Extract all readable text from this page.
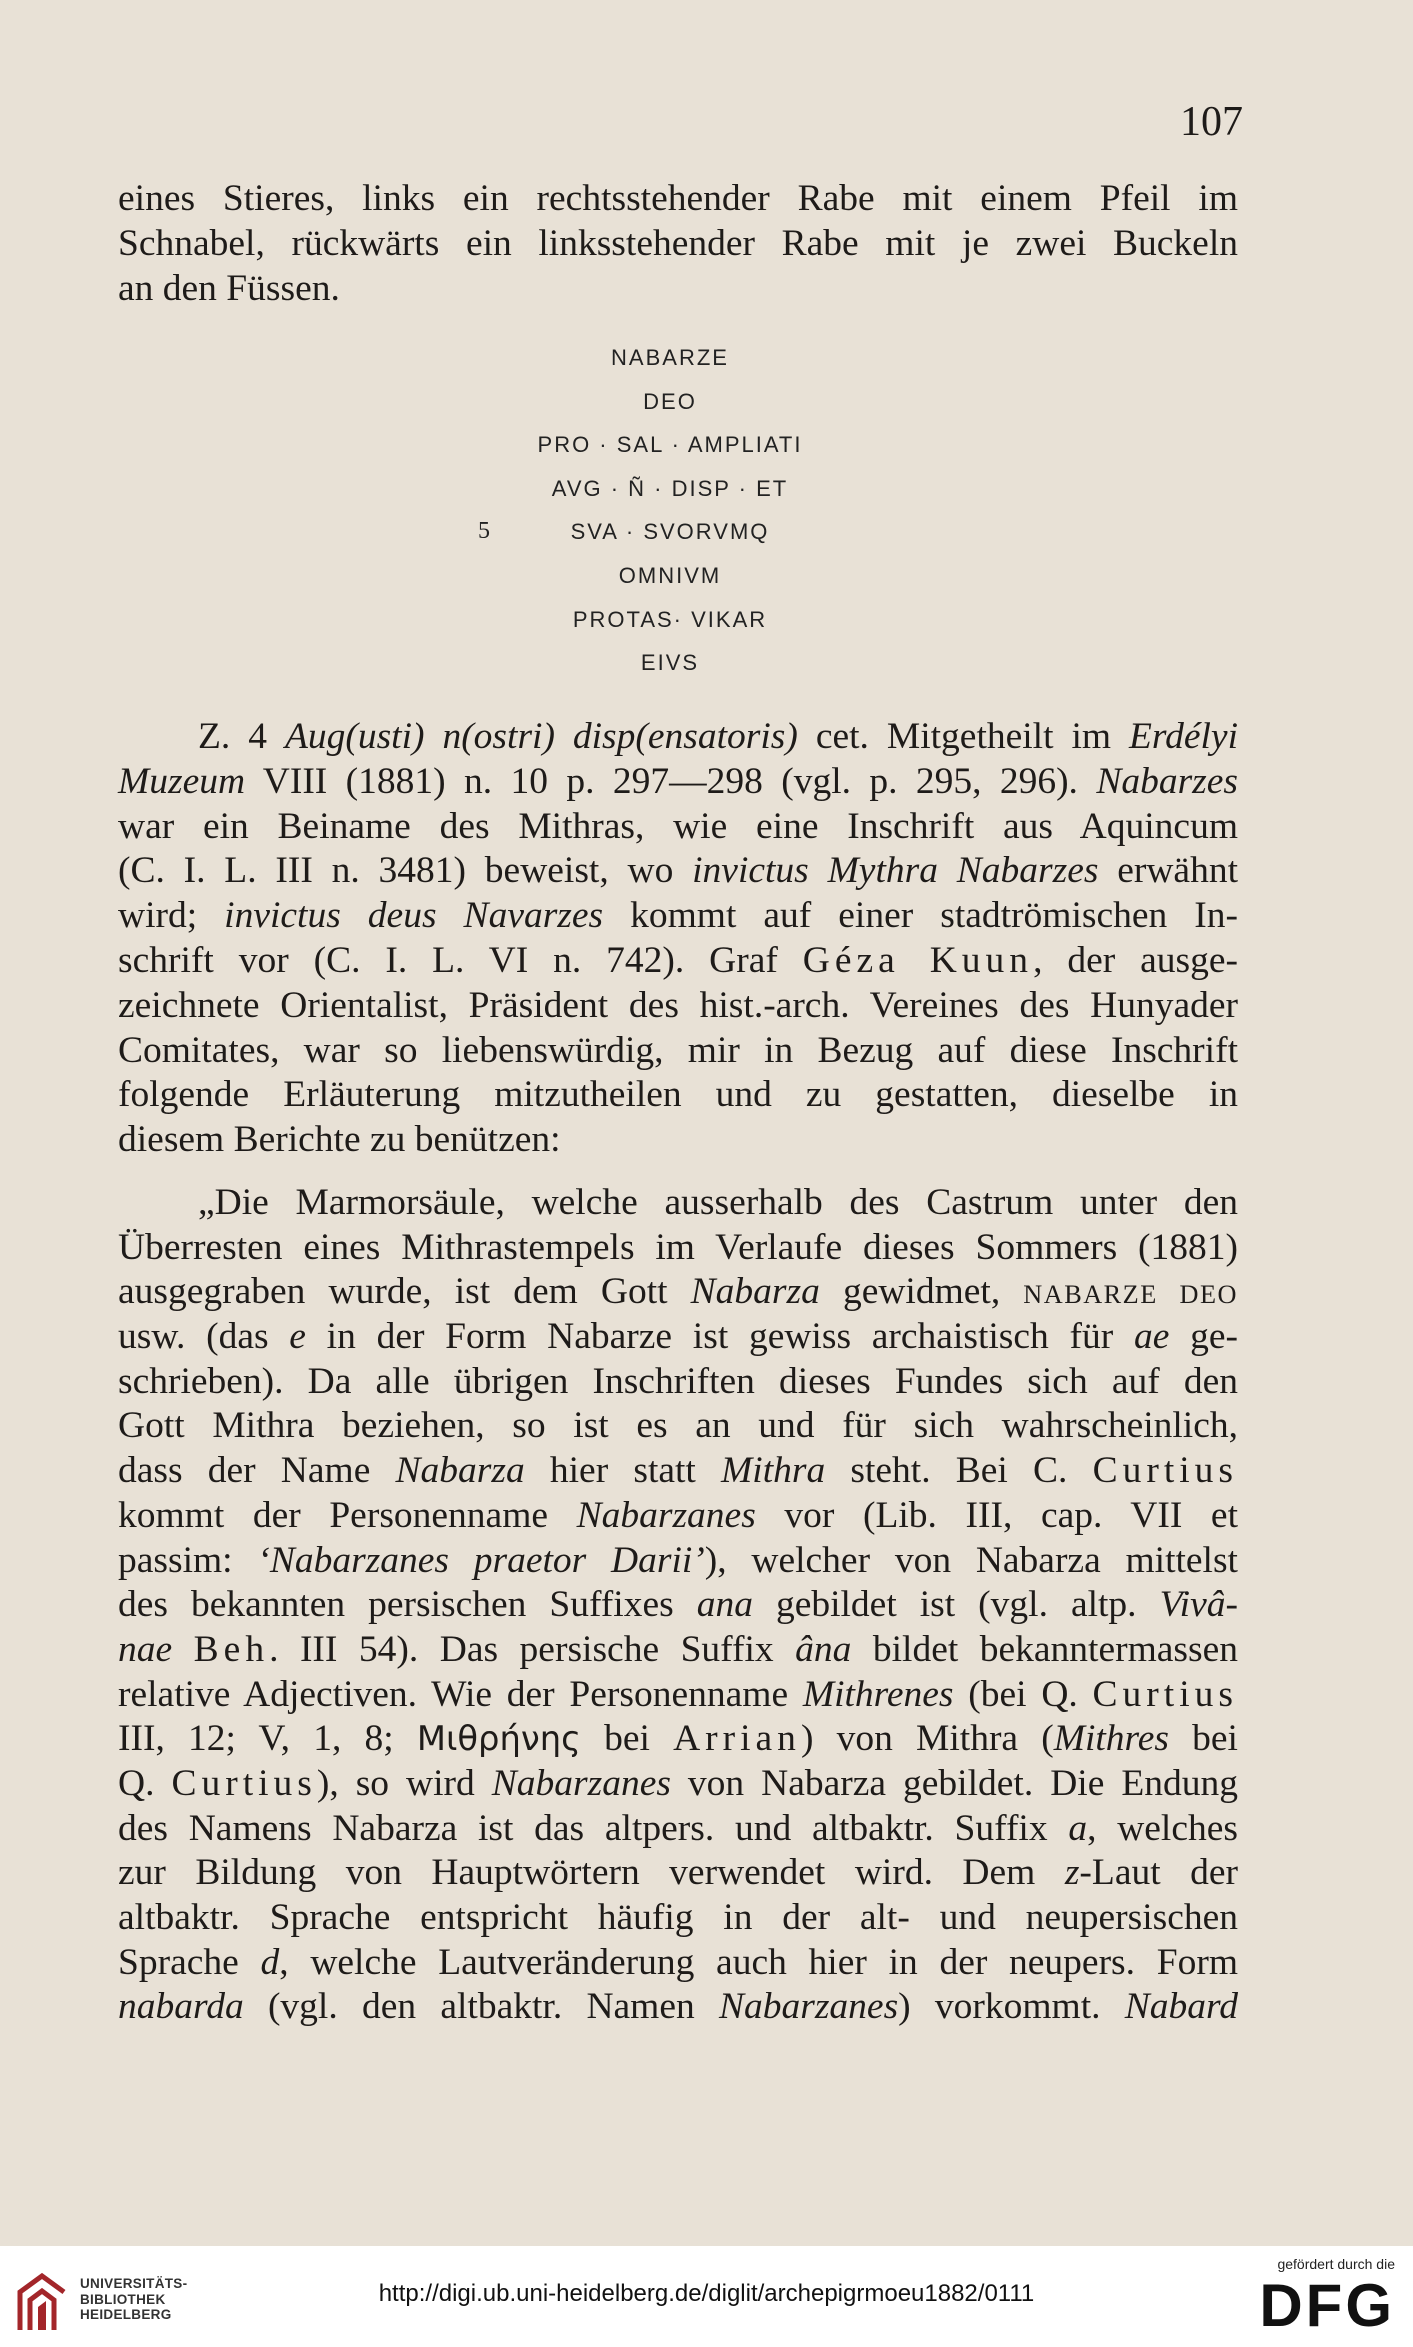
107
eines Stieres, links ein rechtsstehender Rabe mit einem Pfeil im
Schnabel, rückwärts ein linksstehender Rabe mit je zwei Buckeln
an den Füssen.
NABARZE
DEO
PRO · SAL · AMPLIATI
AVG · Ñ · DISP · ET
5	SVA · SVORVMQ
OMNIVM
PROTAS· VIKAR
EIVS
Z. 4 Aug(usti) n(ostri) disp(ensatoris) cet. Mitgetheilt im Erdélyi
Muzeum VIII (1881) n. 10 p. 297—298 (vgl. p. 295, 296). Nabarzes
war ein Beiname des Mithras, wie eine Inschrift aus Aquincum
(C. I. L. III n. 3481) beweist, wo invictus Mythra Nabarzes erwähnt
wird; invictus deus Navarzes kommt auf einer stadtrömischen In-
schrift vor (C. I. L. VI n. 742). Graf Géza Kuun, der ausge-
zeichnete Orientalist, Präsident des hist.-arch. Vereines des Hunyader
Comitates, war so liebenswürdig, mir in Bezug auf diese Inschrift
folgende Erläuterung mitzutheilen und zu gestatten, dieselbe in
diesem Berichte zu benützen:
„Die Marmorsäule, welche ausserhalb des Castrum unter den
Überresten eines Mithrastempels im Verlaufe dieses Sommers (1881)
ausgegraben wurde, ist dem Gott Nabarza gewidmet, NABARZE DEO
usw. (das e in der Form Nabarze ist gewiss archaistisch für ae ge-
schrieben). Da alle übrigen Inschriften dieses Fundes sich auf den
Gott Mithra beziehen, so ist es an und für sich wahrscheinlich,
dass der Name Nabarza hier statt Mithra steht. Bei C. Curtius
kommt der Personenname Nabarzanes vor (Lib. III, cap. VII et
passim: ‘Nabarzanes praetor Darii’), welcher von Nabarza mittelst
des bekannten persischen Suffixes ana gebildet ist (vgl. altp. Vivâ-
nae Beh. III 54). Das persische Suffix âna bildet bekanntermassen
relative Adjectiven. Wie der Personenname Mithrenes (bei Q. Curtius
III, 12; V, 1, 8; Μιθρήνης bei Arrian) von Mithra (Mithres bei
Q. Curtius), so wird Nabarzanes von Nabarza gebildet. Die Endung
des Namens Nabarza ist das altpers. und altbaktr. Suffix a, welches
zur Bildung von Hauptwörtern verwendet wird. Dem z-Laut der
altbaktr. Sprache entspricht häufig in der alt- und neupersischen
Sprache d, welche Lautveränderung auch hier in der neupers. Form
nabarda (vgl. den altbaktr. Namen Nabarzanes) vorkommt. Nabard
UNIVERSITÄTS-
BIBLIOTHEK
HEIDELBERG
http://digi.ub.uni-heidelberg.de/diglit/archepigrmoeu1882/0111
gefördert durch die
DFG
